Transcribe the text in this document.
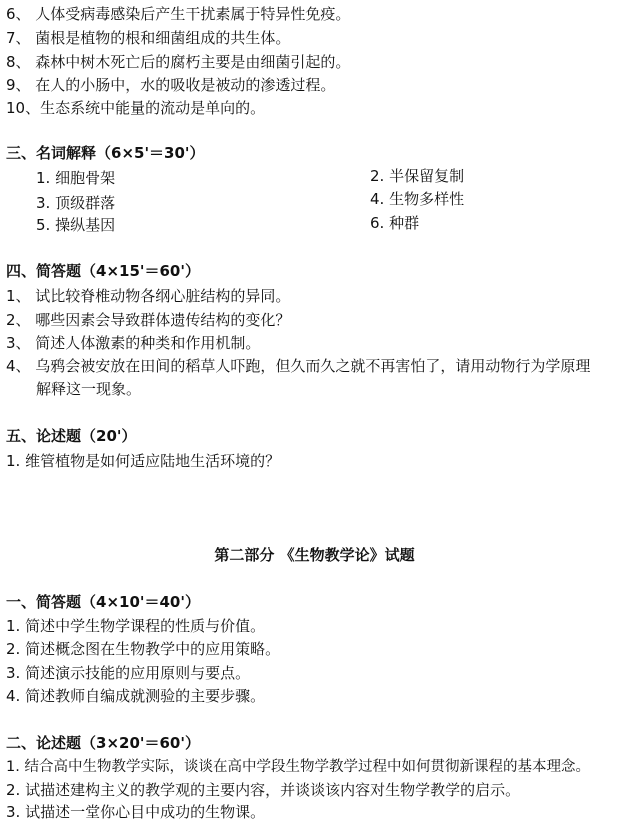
6、 人体受病毒感染后产生干扰素属于特异性免疫。
7、 菌根是植物的根和细菌组成的共生体。
8、 森林中树木死亡后的腐朽主要是由细菌引起的。
9、 在人的小肠中，水的吸收是被动的渗透过程。
10、生态系统中能量的流动是单向的。
三、名词解释（6×5'＝30'）
1. 细胞骨架	2. 半保留复制
3. 顶级群落	4. 生物多样性
5. 操纵基因	6. 种群
四、简答题（4×15'＝60'）
1、 试比较脊椎动物各纲心脏结构的异同。
2、 哪些因素会导致群体遗传结构的变化？
3、 简述人体激素的种类和作用机制。
4、 乌鸦会被安放在田间的稻草人吓跑，但久而久之就不再害怕了，请用动物行为学原理
解释这一现象。
五、论述题（20'）
1. 维管植物是如何适应陆地生活环境的？
第二部分 《生物教学论》试题
一、简答题（4×10'＝40'）
1. 简述中学生物学课程的性质与价值。
2. 简述概念图在生物教学中的应用策略。
3. 简述演示技能的应用原则与要点。
4. 简述教师自编成就测验的主要步骤。
二、论述题（3×20'＝60'）
1. 结合高中生物教学实际，谈谈在高中学段生物学教学过程中如何贯彻新课程的基本理念。
2. 试描述建构主义的教学观的主要内容，并谈谈该内容对生物学教学的启示。
3. 试描述一堂你心目中成功的生物课。
